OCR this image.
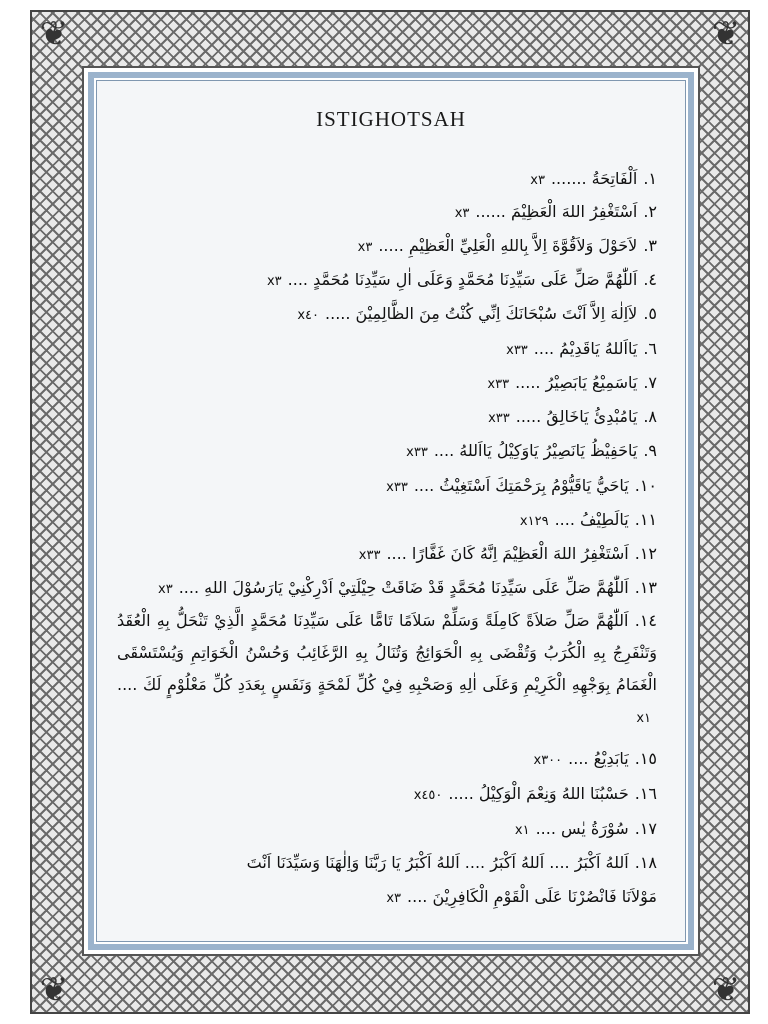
❦	❦
❦	❦
ISTIGHOTSAH
١.اَلْفَاتِحَةُ .......x٣
٢.اَسْتَغْفِرُ اللهَ الْعَظِيْمَ ......x٣
٣.لاَحَوْلَ وَلاَقُوَّةَ اِلاَّ بِاللهِ الْعَلِيِّ الْعَظِيْمِ .....x٣
٤.اَللّٰهُمَّ صَلِّ عَلَى سَيِّدِنَا مُحَمَّدٍ وَعَلَى اٰلِ سَيِّدِنَا مُحَمَّدٍ ....x٣
٥.لاَاِلٰهَ اِلاَّ اَنْتَ سُبْحَانَكَ اِنِّي كُنْتُ مِنَ الظَّالِمِيْنَ .....x٤٠
٦.يَااَللهُ يَاقَدِيْمُ ....x٣٣
٧.يَاسَمِيْعُ يَابَصِيْرُ .....x٣٣
٨.يَامُبْدِئُ يَاخَالِقُ .....x٣٣
٩.يَاحَفِيْظُ يَانَصِيْرُ يَاوَكِيْلُ يَااَللهُ ....x٣٣
١٠.يَاحَيُّ يَاقَيُّوْمُ بِرَحْمَتِكَ اَسْتَغِيْثُ ....x٣٣
١١.يَالَطِيْفُ ....x١٢٩
١٢.اَسْتَغْفِرُ اللهَ الْعَظِيْمَ اِنَّهُ كَانَ غَفَّارًا ....x٣٣
١٣.اَللّٰهُمَّ صَلِّ عَلَى سَيِّدِنَا مُحَمَّدٍ قَدْ ضَاقَتْ حِيْلَتِيْ اَدْرِكْنِيْ يَارَسُوْلَ اللهِ ....x٣
١٤. اَللّٰهُمَّ صَلِّ صَلاَةً كَامِلَةً وَسَلِّمْ سَلاَمًا تَامًّا عَلَى سَيِّدِنَا مُحَمَّدٍ الَّذِيْ تَنْحَلُّ بِهِ الْعُقَدُ وَتَنْفَرِجُ بِهِ الْكُرَبُ وَتُقْضَى بِهِ الْحَوَائِجُ وَتُنَالُ بِهِ الرَّغَائِبُ وَحُسْنُ الْخَوَاتِمِ وَيُسْتَسْقَى الْغَمَامُ بِوَجْهِهِ الْكَرِيْمِ وَعَلَى اٰلِهِ وَصَحْبِهِ فِيْ كُلِّ لَمْحَةٍ وَنَفَسٍ بِعَدَدِ كُلِّ مَعْلُوْمٍ لَكَ .... x١
١٥.يَابَدِيْعُ ....x٣٠٠
١٦.حَسْبُنَا اللهُ وَنِعْمَ الْوَكِيْلُ .....x٤٥٠
١٧.سُوْرَةُ يٰس ....x١
١٨.اَللهُ اَكْبَرُ .... اَللهُ اَكْبَرُ .... اَللهُ اَكْبَرُ يَا رَبَّنَا وَاِلٰهَنَا وَسَيِّدَنَا اَنْتَ
مَوْلاَنَا فَانْصُرْنَا عَلَى الْقَوْمِ الْكَافِرِيْنَ ....x٣
